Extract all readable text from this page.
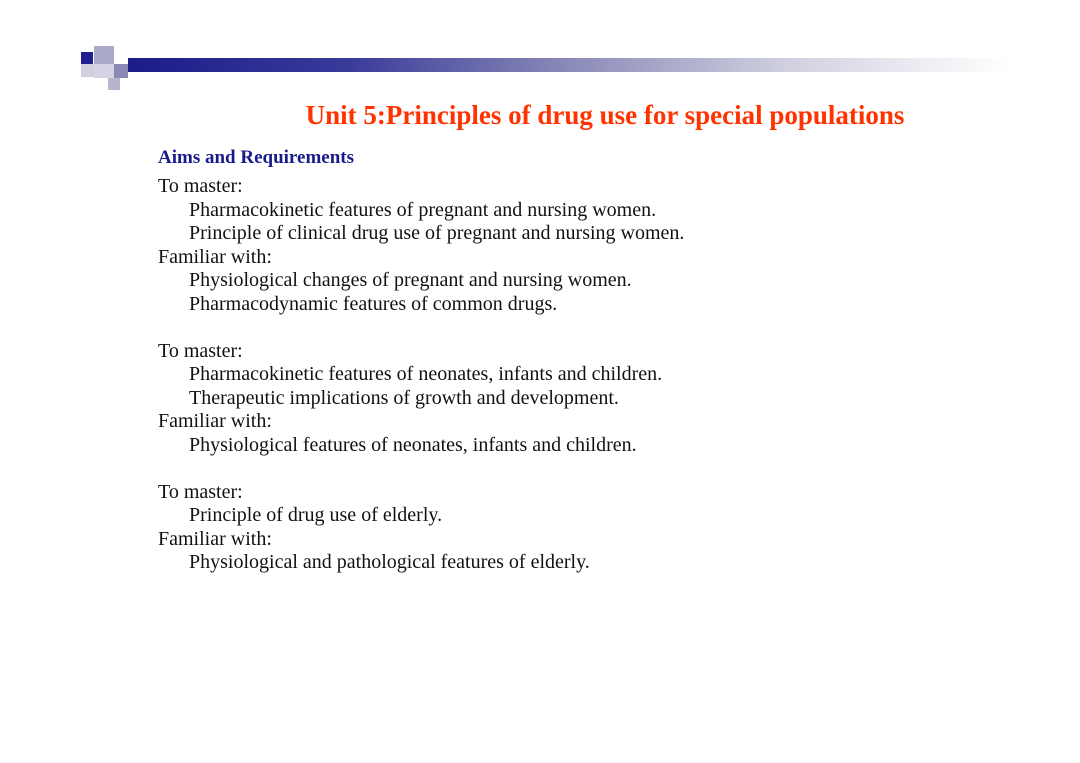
Unit 5:Principles of drug use for special populations
Aims and Requirements
To master:
Pharmacokinetic features of pregnant and nursing women.
Principle of clinical drug use of pregnant and nursing women.
Familiar with:
Physiological changes of pregnant and nursing women.
Pharmacodynamic features of common drugs.
To master:
Pharmacokinetic features of neonates, infants and children.
Therapeutic implications of growth and development.
Familiar with:
Physiological features of neonates, infants and children.
To master:
Principle of drug use of elderly.
Familiar with:
Physiological and pathological features of elderly.
